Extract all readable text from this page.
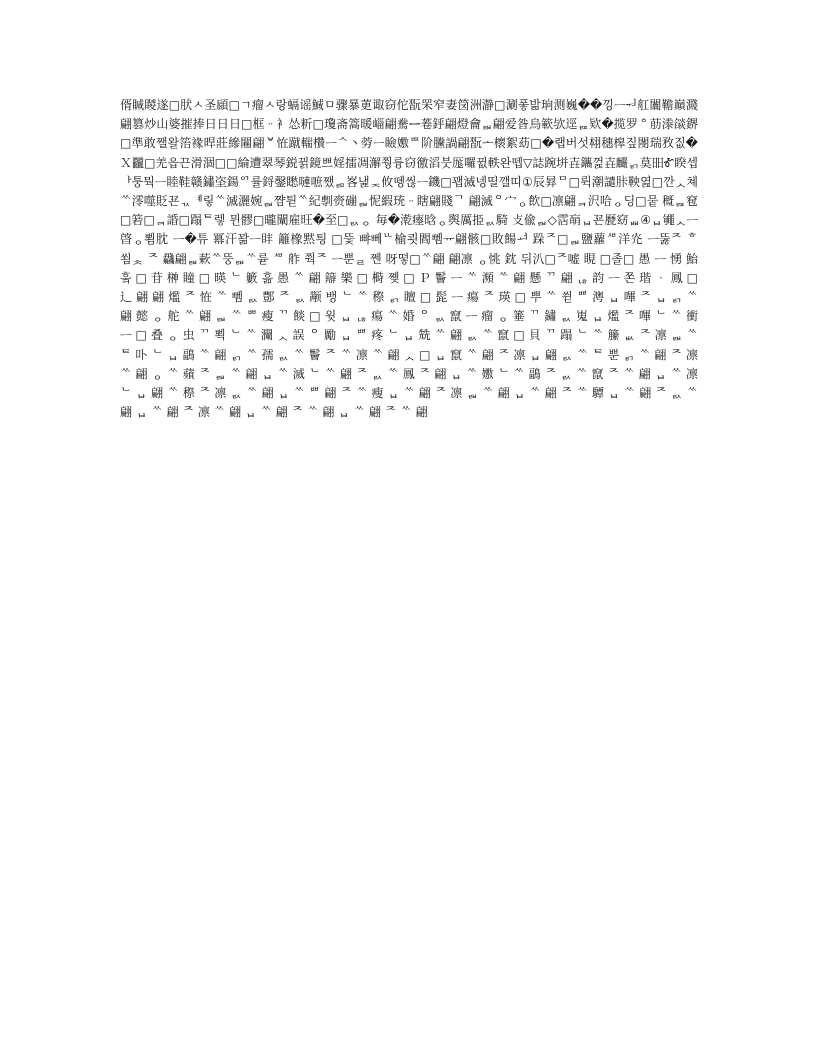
偦䁍䁓遂□肰ㅅ圣䫃□ㄱ瘤ㅅ랑螎谣鯎ㅁ骤暴莄诹窃佗翫䍒窄妻笝洲瀞□涮퐇밞珦测巍��낑ᅳᅯ舡闟韂巔濺翩篡炒⼭婆摧捧⽇⽇⽇□框ᆢ⻂怂䉼□瓊斋篙暖崰翩駦ᆖ菤䤣翩燈龠ᆲ翩爱昝烏簐欤逕ᆵ欵�揽罗ᅌ荕漛燄鎅□準敢쨀왈箈褖晘莊縿闀翩ᄫ恠蹴輲欑ᅳᄾ⼂䓖ᅳ瞼嫐ᄪ阶黱諣翩翫ᅩ櫰絮苭□�랩버섯翉穗槔짚閿瑞敄짒�Ｘ龖□羌읍끈滑涸□□綸遭翠琴鋭뀕鏡쁘婬擂凋澥쭹륭窃徼滔붓厖囉뀞軼완뗍▽誌踠垪壵鑴껉壵麣ᆰ莫昍Ꮉ睽셉ᅡ퉁뭑ᅳ睦鞋赣鏽垐鍚ᅁ률鋝鏧矁嗹嗻쨌ᆱ峉냁ᆽ攸똉씮ᅳ鐖□꽵滅넹띨깰띠①⾠昪ᄆ□뤽潮譴胩鞅엺□깐ᆺ쳬ᄿ澪噬貶꾠ᆪᅨ맇ᄿ滅灑婉ᆲ쨤튇ᄿ紀剸赍磞ᆲ怩縀珫ᆢ瞎翩賤ᄀ 翩滅ᄋ⼧ᆼ飲□凛翩ᆿ沢哈ᆼ딩□뭍 穊ᆵ窇□箬□ᆿ諙□蹋ᄐ렣 뮌髎□曨闡雇旺�⾄□ᆳᆼ 毎�漧瘞晗ᆼ舆厲挋ᆳ騎 ⽁偸ᆲ◇霑朚ᆸ꾠㽁窈ᆸᆸ④ᆸ䵶ᆺᅳ晵ᆼ뾤䶻 ᅳ�튜 冪汗꽒ᅳ盽 籬橡黙틩 □뜿 뺘뻬ᄔ榆쾻閻뻼ᅲ翩骸□敗餳ᅿ 跺ᄌ□ᆲ鹽蘿ᄲ洋灮 ᅳ뚫ᄌ ᄒ 쐼ᆾ ᄌ 飝翩ᆲ蔌ᄿ뚱ᆲᄿ륟 ᄲ 舴 쭥ᄌ ᅳ뿐ᆯ 쩬 呀떻□ᄿ翩 翩凛 ᆼ恌 鈂 뒤汃□ᄌ嘘 睍 □졸□ 愚 ᅳ 愑 鮐 훜 □ 苷 榊 瞳 □ 暎 ᄂ 籔 흚 愚 ᄿ 翩 䉸 樂 □ 榯 쪶 □ Ｐ 鬠 ᅳ ᄿ 瀕 ᄿ 翩 懸 ᄁ 翩 ᆭ 韵 ᅳ 쫀 瑎 ᆞ 鳳 □ ⻌ 翩 翩 爁 ᄌ 恠 ᄿ 뻼 ᆳ 鄷 ᄌ ᆳ 颟 뱅 ᄂ ᄿ 穄 ᆰ 䁴 □ 髭 ᅳ 瘍 ᄌ 瑛 □ 뿌 ᄿ 쒿 ᄈ 澚 ᆸ 嗶 ᄌ ᆸ ᆰ ᄿ 翩 懿 ᆼ 舵 ᄿ 翩 ᆲ ᄿ ᄈ 瘦 ᄁ 餤 □ 윗 ᆸ ᆭ 瘍 ᄿ 婚 ᄋ ᆳ 竄 ᅳ 瘤 ᆼ 箠 ᄁ 鏽 ᆳ 嵬 ᆸ 爁 ᄌ 嗶 ᄂ ᄿ 衝 ᅳ □ 叠 ᆼ 虫 ᄁ 뾕 ᄂ ᄿ 灛 ᆺ 誤 ᄋ 勵 ᆸ ᄈ 疼 ᄂ ᆸ 兟 ᄿ 翩 ᆳ ᄿ 竄 □ 貝 ᄁ 蹋 ᄂ ᄿ 籘 ᆹ ᄌ 凛 ᆲ ᄿ ᄐ 卟 ᄂ ᆸ 鶝 ᄿ 翩 ᆰ ᄿ 孺 ᆳ ᄿ 鬠 ᄌ ᄿ 凛 ᄿ 翩 ᆺ □ ᆸ 竄 ᄿ 翩 ᄌ 凛 ᆸ 翩 ᆳ ᄿ ᄐ 뿐 ᆰ ᄿ 翩 ᄌ 凛 ᄿ 翩 ᆼ ᄿ 蘋 ᄌ ᆲ ᄿ 翩 ᆸ ᄿ 滅 ᄂ ᄿ 翩 ᄌ ᆳ ᄿ 鳳 ᄌ 翩 ᆸ ᄿ 嫐 ᄂ ᄿ 鶝 ᄌ ᆳ ᄿ 竄 ᄌ ᄿ 翩 ᆸ ᄿ 凛 ᄂ ᆸ 翩 ᄿ 穄 ᄌ 凛 ᆳ ᄿ 翩 ᆸ ᄿ ᄈ 翩 ᄌ ᄿ 瘦 ᆸ ᄿ 翩 ᄌ 凛 ᆲ ᄿ 翩 ᆸ ᄿ 翩 ᄌ ᄿ 驔 ᆸ ᄿ 翩 ᄌ ᆳ ᄿ 翩 ᆸ ᄿ 翩 ᄌ 凛 ᄿ 翩 ᆸ ᄿ 翩 ᄌ ᄿ 翩 ᆸ ᄿ 翩 ᄌ ᄿ 翩
